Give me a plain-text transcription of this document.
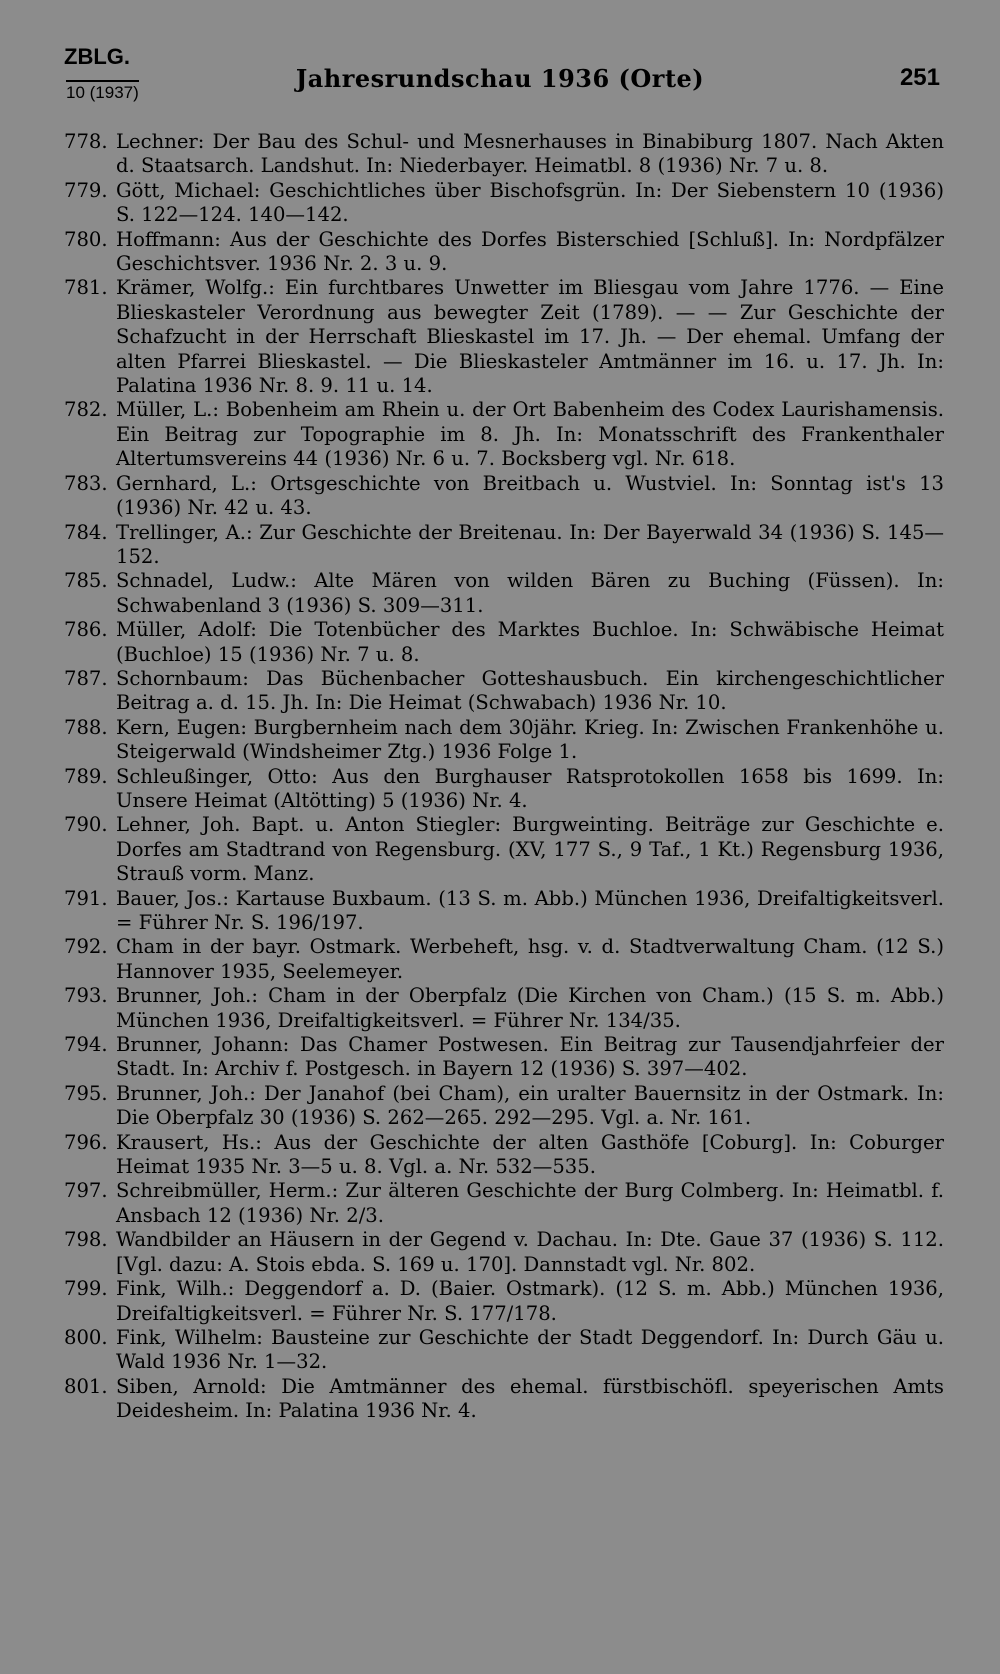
ZBLG.
10 (1937)	Jahresrundschau 1936 (Orte)	251

778. Lechner: Der Bau des Schul- und Mesnerhauses in Binabiburg 1807. Nach Akten d. Staatsarch. Landshut. In: Niederbayer. Heimatbl. 8 (1936) Nr. 7 u. 8.

779. Gött, Michael: Geschichtliches über Bischofsgrün. In: Der Siebenstern 10 (1936) S. 122—124. 140—142.

780. Hoffmann: Aus der Geschichte des Dorfes Bisterschied [Schluß]. In: Nordpfälzer Geschichtsver. 1936 Nr. 2. 3 u. 9.

781. Krämer, Wolfg.: Ein furchtbares Unwetter im Bliesgau vom Jahre 1776. — Eine Blieskasteler Verordnung aus bewegter Zeit (1789). — — Zur Geschichte der Schafzucht in der Herrschaft Blieskastel im 17. Jh. — Der ehemal. Umfang der alten Pfarrei Blieskastel. — Die Blieskasteler Amtmänner im 16. u. 17. Jh. In: Palatina 1936 Nr. 8. 9. 11 u. 14.

782. Müller, L.: Bobenheim am Rhein u. der Ort Babenheim des Codex Laurishamensis. Ein Beitrag zur Topographie im 8. Jh. In: Monatsschrift des Frankenthaler Altertumsvereins 44 (1936) Nr. 6 u. 7. Bocksberg vgl. Nr. 618.

783. Gernhard, L.: Ortsgeschichte von Breitbach u. Wustviel. In: Sonntag ist's 13 (1936) Nr. 42 u. 43.

784. Trellinger, A.: Zur Geschichte der Breitenau. In: Der Bayerwald 34 (1936) S. 145—152.

785. Schnadel, Ludw.: Alte Mären von wilden Bären zu Buching (Füssen). In: Schwabenland 3 (1936) S. 309—311.

786. Müller, Adolf: Die Totenbücher des Marktes Buchloe. In: Schwäbische Heimat (Buchloe) 15 (1936) Nr. 7 u. 8.

787. Schornbaum: Das Büchenbacher Gotteshausbuch. Ein kirchengeschichtlicher Beitrag a. d. 15. Jh. In: Die Heimat (Schwabach) 1936 Nr. 10.

788. Kern, Eugen: Burgbernheim nach dem 30jähr. Krieg. In: Zwischen Frankenhöhe u. Steigerwald (Windsheimer Ztg.) 1936 Folge 1.

789. Schleußinger, Otto: Aus den Burghauser Ratsprotokollen 1658 bis 1699. In: Unsere Heimat (Altötting) 5 (1936) Nr. 4.

790. Lehner, Joh. Bapt. u. Anton Stiegler: Burgweinting. Beiträge zur Geschichte e. Dorfes am Stadtrand von Regensburg. (XV, 177 S., 9 Taf., 1 Kt.) Regensburg 1936, Strauß vorm. Manz.

791. Bauer, Jos.: Kartause Buxbaum. (13 S. m. Abb.) München 1936, Dreifaltigkeitsverl. = Führer Nr. S. 196/197.

792. Cham in der bayr. Ostmark. Werbeheft, hsg. v. d. Stadtverwaltung Cham. (12 S.) Hannover 1935, Seelemeyer.

793. Brunner, Joh.: Cham in der Oberpfalz (Die Kirchen von Cham.) (15 S. m. Abb.) München 1936, Dreifaltigkeitsverl. = Führer Nr. 134/35.

794. Brunner, Johann: Das Chamer Postwesen. Ein Beitrag zur Tausendjahrfeier der Stadt. In: Archiv f. Postgesch. in Bayern 12 (1936) S. 397—402.

795. Brunner, Joh.: Der Janahof (bei Cham), ein uralter Bauernsitz in der Ostmark. In: Die Oberpfalz 30 (1936) S. 262—265. 292—295. Vgl. a. Nr. 161.

796. Krausert, Hs.: Aus der Geschichte der alten Gasthöfe [Coburg]. In: Coburger Heimat 1935 Nr. 3—5 u. 8. Vgl. a. Nr. 532—535.

797. Schreibmüller, Herm.: Zur älteren Geschichte der Burg Colmberg. In: Heimatbl. f. Ansbach 12 (1936) Nr. 2/3.

798. Wandbilder an Häusern in der Gegend v. Dachau. In: Dte. Gaue 37 (1936) S. 112. [Vgl. dazu: A. Stois ebda. S. 169 u. 170]. Dannstadt vgl. Nr. 802.

799. Fink, Wilh.: Deggendorf a. D. (Baier. Ostmark). (12 S. m. Abb.) München 1936, Dreifaltigkeitsverl. = Führer Nr. S. 177/178.

800. Fink, Wilhelm: Bausteine zur Geschichte der Stadt Deggendorf. In: Durch Gäu u. Wald 1936 Nr. 1—32.

801. Siben, Arnold: Die Amtmänner des ehemal. fürstbischöfl. speyerischen Amts Deidesheim. In: Palatina 1936 Nr. 4.
